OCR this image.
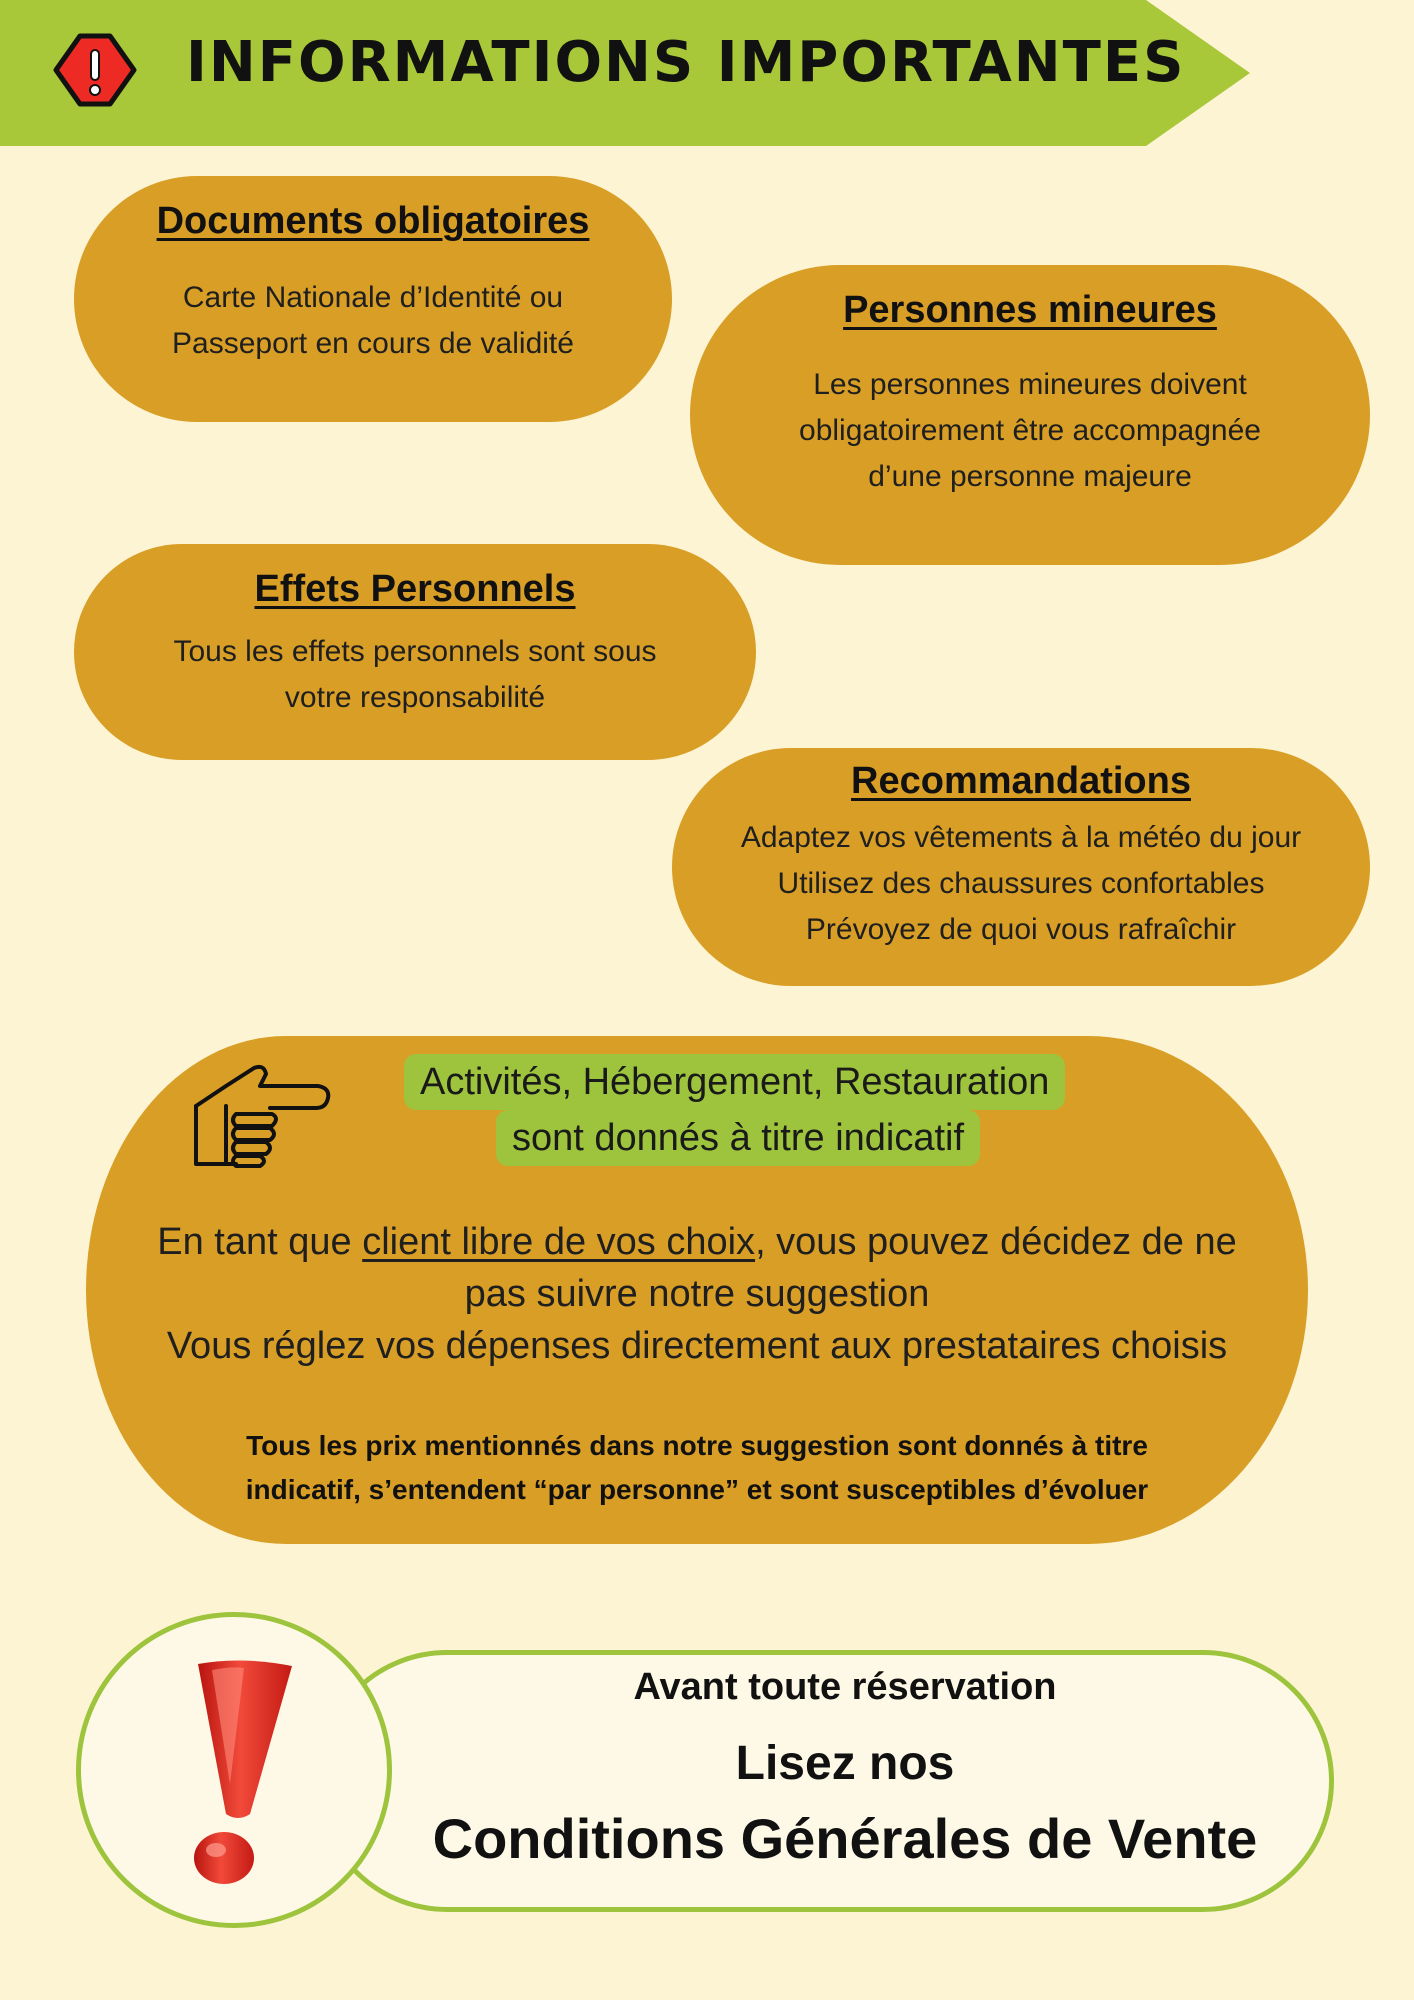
INFORMATIONS IMPORTANTES
Documents obligatoires

Carte Nationale d’Identité ou

Passeport en cours de validité

Personnes mineures

Les personnes mineures doivent

obligatoirement être accompagnée

d’une personne majeure

Effets Personnels

Tous les effets personnels sont sous

votre responsabilité

Recommandations

Adaptez vos vêtements à la météo du jour

Utilisez des chaussures confortables

Prévoyez de quoi vous rafraîchir

Activités, Hébergement, Restauration
sont donnés à titre indicatif
En tant que client libre de vos choix, vous pouvez décidez de ne
pas suivre notre suggestion
Vous réglez vos dépenses directement aux prestataires choisis
Tous les prix mentionnés dans notre suggestion sont donnés à titre
indicatif, s’entendent “par personne” et sont susceptibles d’évoluer
Avant toute réservation
Lisez nos
Conditions Générales de Vente
